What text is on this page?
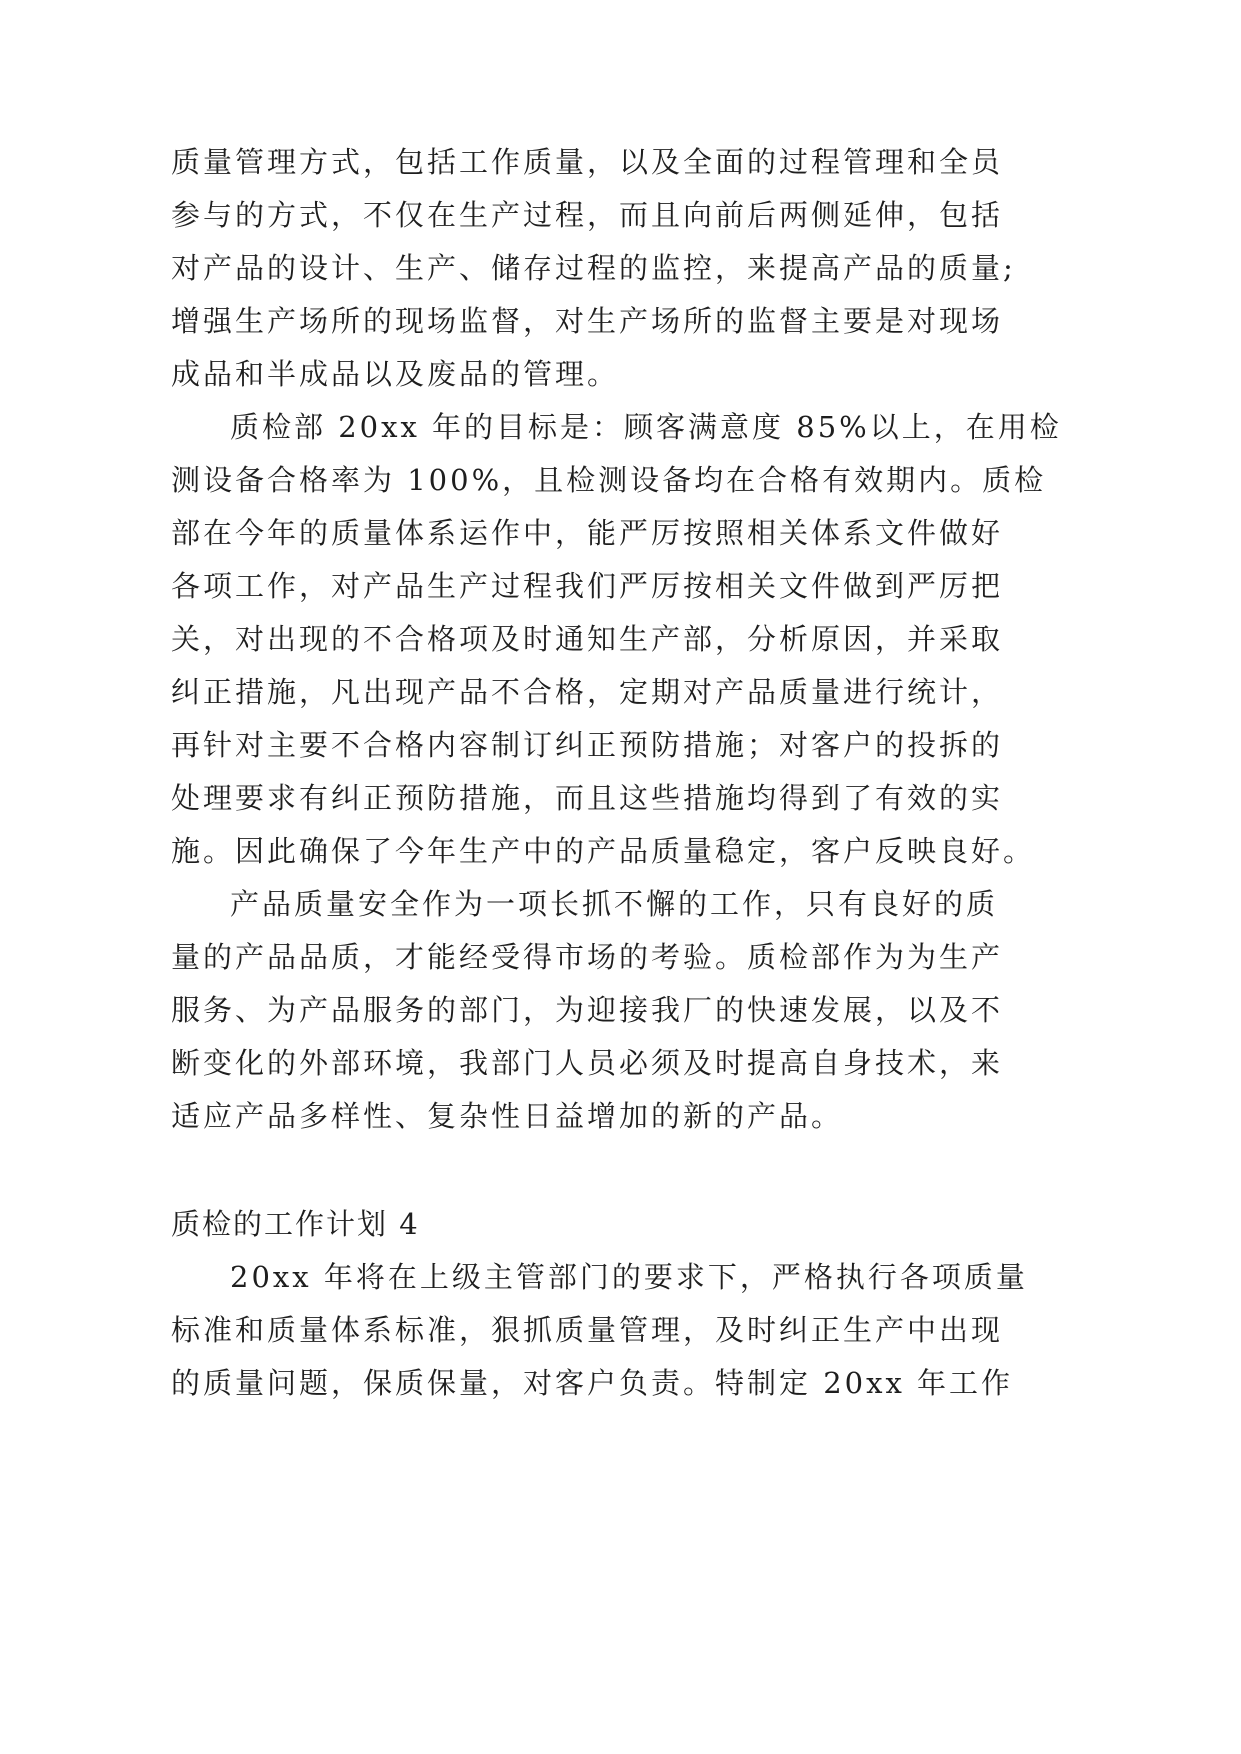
质量管理方式，包括工作质量，以及全面的过程管理和全员
参与的方式，不仅在生产过程，而且向前后两侧延伸，包括
对产品的设计、生产、储存过程的监控，来提高产品的质量;
增强生产场所的现场监督，对生产场所的监督主要是对现场
成品和半成品以及废品的管理。
质检部 20xx 年的目标是：顾客满意度 85%以上，在用检
测设备合格率为 100%，且检测设备均在合格有效期内。质检
部在今年的质量体系运作中，能严厉按照相关体系文件做好
各项工作，对产品生产过程我们严厉按相关文件做到严厉把
关，对出现的不合格项及时通知生产部，分析原因，并采取
纠正措施，凡出现产品不合格，定期对产品质量进行统计，
再针对主要不合格内容制订纠正预防措施；对客户的投拆的
处理要求有纠正预防措施，而且这些措施均得到了有效的实
施。因此确保了今年生产中的产品质量稳定，客户反映良好。
产品质量安全作为一项长抓不懈的工作，只有良好的质
量的产品品质，才能经受得市场的考验。质检部作为为生产
服务、为产品服务的部门，为迎接我厂的快速发展，以及不
断变化的外部环境，我部门人员必须及时提高自身技术，来
适应产品多样性、复杂性日益增加的新的产品。
质检的工作计划 4
20xx 年将在上级主管部门的要求下，严格执行各项质量
标准和质量体系标准，狠抓质量管理，及时纠正生产中出现
的质量问题，保质保量，对客户负责。特制定 20xx 年工作
